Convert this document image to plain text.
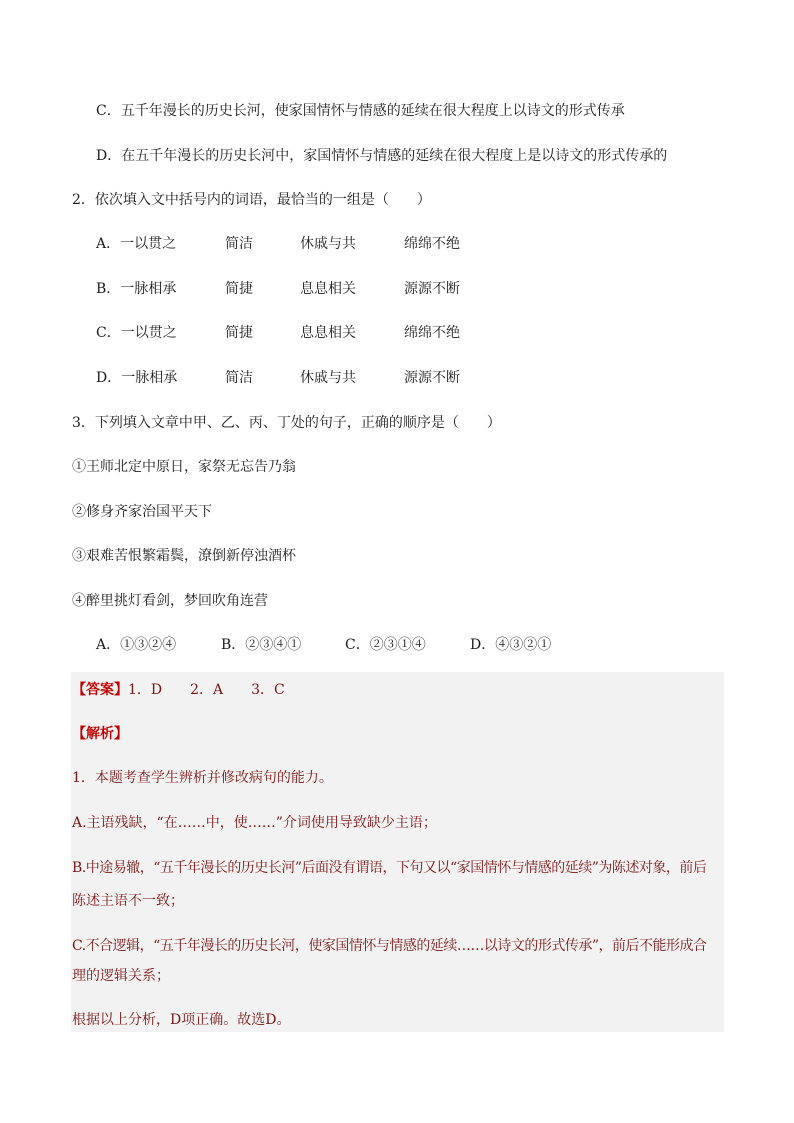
C．五千年漫长的历史长河，使家国情怀与情感的延续在很大程度上以诗文的形式传承
D．在五千年漫长的历史长河中，家国情怀与情感的延续在很大程度上是以诗文的形式传承的
2．依次填入文中括号内的词语，最恰当的一组是（　　）
A．一以贯之	简洁	休戚与共	绵绵不绝
B．一脉相承	简捷	息息相关	源源不断
C．一以贯之	简捷	息息相关	绵绵不绝
D．一脉相承	简洁	休戚与共	源源不断
3．下列填入文章中甲、乙、丙、丁处的句子，正确的顺序是（　　）
①王师北定中原日，家祭无忘告乃翁
②修身齐家治国平天下
③艰难苦恨繁霜鬓，潦倒新停浊酒杯
④醉里挑灯看剑，梦回吹角连营
A．①③②④	B．②③④①	C．②③①④	D．④③②①
【答案】1．D　　2．A　　3．C
【解析】
1．本题考查学生辨析并修改病句的能力。
A.主语残缺，“在……中，使……”介词使用导致缺少主语；
B.中途易辙，“五千年漫长的历史长河”后面没有谓语，下句又以“家国情怀与情感的延续”为陈述对象，前后
陈述主语不一致；
C.不合逻辑，“五千年漫长的历史长河，使家国情怀与情感的延续……以诗文的形式传承”，前后不能形成合
理的逻辑关系；
根据以上分析，D项正确。故选D。
